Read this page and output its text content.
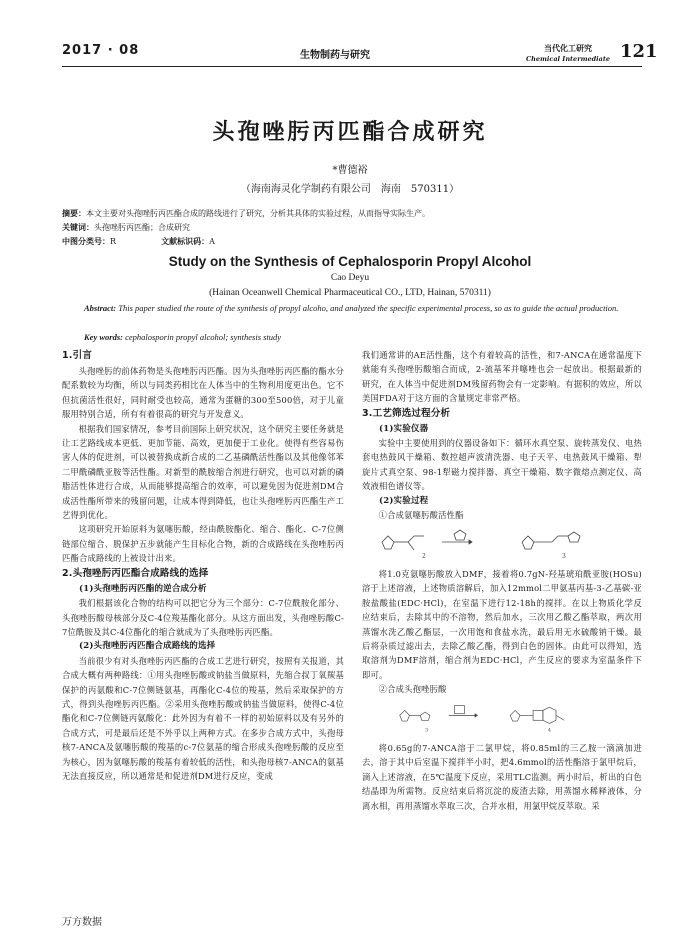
2017 · 08	生物制药与研究
当代化工研究
Chemical Intermediate 121
头孢唑肟丙匹酯合成研究
*曹德裕
（海南海灵化学制药有限公司　海南　570311）
摘要：本文主要对头孢唑肟丙匹酯合成的路线进行了研究，分析其具体的实验过程，从而指导实际生产。
关键词：头孢唑肟丙匹酯；合成研究
中图分类号：R	文献标识码：A
Study on the Synthesis of Cephalosporin Propyl Alcohol
Cao Deyu
(Hainan Oceanwell Chemical Pharmaceutical CO., LTD, Hainan, 570311)
Abstract: This paper studied the route of the synthesis of propyl alcoho, and analyzed the specific experimental process, so as to guide the actual production.
Key words: cephalosporin propyl alcohol; synthesis study
1.引言

头孢唑肟的前体药物是头孢唑肟丙匹酯。因为头孢唑肟丙匹酯的酯水分配系数较为均衡，所以与同类药相比在人体当中的生物利用度更出色。它不但抗菌活性很好，同时耐受也较高，通常为蛋糖的300至500倍，对于儿童服用特别合适，所有有着很高的研究与开发意义。

根据我们国家情况，参考目前国际上研究状况，这个研究主要任务就是让工艺路线成本更低、更加节能、高效，更加便于工业化。使得有些容易伤害人体的促进剂，可以被替换成新合成的二乙基磷酰活性酯以及其他像邻苯二甲酰磷酰亚胺等活性酯。对新型的酰胺缩合剂进行研究，也可以对新的磷脂活性体进行合成，从而能够提高缩合的效率，可以避免因为促进剂DM合成活性酯所带来的残留问题，让成本得到降低，也让头孢唑肟丙匹酯生产工艺得到优化。

这项研究开始原料为氨噻肟酸，经由酰胺酯化、缩合、酯化、C-7位侧链部位缩合、脱保护五步就能产生目标化合物，新的合成路线在头孢唑肟丙匹酯合成路线的上被设计出来。

2.头孢唑肟丙匹酯合成路线的选择
(1)头孢唑肟丙匹酯的逆合成分析

我们根据该化合物的结构可以把它分为三个部分：C-7位酰胺化部分、头孢唑肟酸母核部分及C-4位羧基酯化部分。从这方面出发，头孢唑肟酸C-7位酰胺及其C-4位酯化的缩合就成为了头孢唑肟丙匹酯。

(2)头孢唑肟丙匹酯合成路线的选择

当前很少有对头孢唑肟丙匹酯的合成工艺进行研究，按照有关报道，其合成大概有两种路线：①用头孢唑肟酸或钠盐当做原料，先缩合叔丁氧羰基保护的丙氨酸和C-7位侧链氨基，再酯化C-4位的羧基，然后采取保护的方式，得到头孢唑肟丙匹酯。②采用头孢唑肟酸或钠盐当做原料，使得C-4位酯化和C-7位侧链丙氨酸化：此外因为有着不一样的初始原料以及有另外的合成方式，可是最后还是不外乎以上两种方式。在多步合成方式中，头孢母核7-ANCA及氨噻肟酸的羧基的c-7位氨基的缩合形成头孢唑肟酸的反应至为核心，因为氨噻肟酸的羧基有着较低的活性，和头孢母核7-ANCA的氨基无法直接反应，所以通常是和促进剂DM进行反应，变成

我们通常讲的AE活性酯，这个有着较高的活性，和7-ANCA在通常温度下就能有头孢唑肟酸缩合而成，2-巯基苯并噻唑也会一起放出。根据最新的研究，在人体当中促进剂DM残留药物会有一定影响。有据积的效应，所以美国FDA对于这方面的含量规定非常严格。

3.工艺筛选过程分析
(1)实验仪器

实验中主要使用到的仪器设备如下：循环水真空泵、旋转蒸发仪、电热套电热鼓风干燥箱、数控超声波清洗器、电子天平、电热鼓风干燥箱、犁旋片式真空泵、98-1犁磁力搅拌器、真空干燥箱、数字微熔点测定仪、高效液相色谱仪等。

(2)实验过程

①合成氨噻肟酸活性酯

2	3

将1.0克氨噻肟酸放入DMF，接着将0.7gN-羟基琥珀酰亚胺(HOSu)溶于上述溶液，上述物质溶解后，加入12mmol二甲氨基丙基-3-乙基碳-亚胺盐酸盐(EDC·HCl)，在室温下进行12-18h的搅拌。在以上物质化学反应结束后，去除其中的不溶物，然后加水，三次用乙酸乙酯萃取，两次用蒸馏水洗乙酸乙酯层，一次用饱和食盐水洗，最后用无水硫酸钠干燥。最后将杂质过滤出去，去除乙酸乙酯，得到白色的固体。由此可以得知，选取溶剂为DMF溶剂，缩合剂为EDC·HCl，产生反应的要求为室温条件下即可。

②合成头孢唑肟酸

3	4

将0.65g的7-ANCA溶于二氯甲烷，将0.85ml的三乙胺一滴滴加进去，溶于其中后室温下搅拌半小时，把4.6mmol的活性酯溶于氯甲烷后，滴入上述溶液，在5℃温度下反应，采用TLC监测。两小时后，析出的白色结晶即为所需物。反应结束后将沉淀的废渣去除，用蒸馏水稀释液体，分离水相，再用蒸馏水萃取三次，合并水相，用氯甲烷反萃取。采

万方数据
